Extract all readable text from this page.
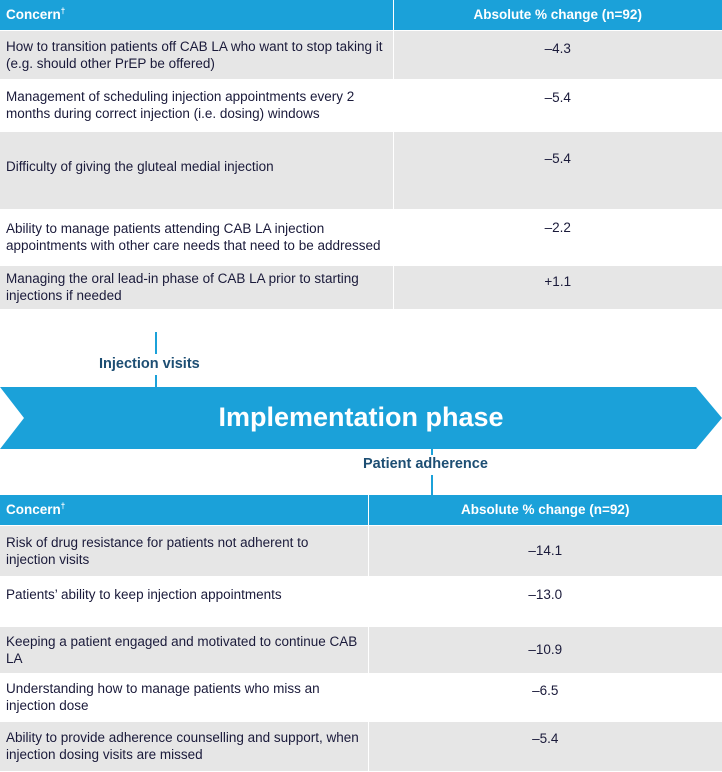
Concern†	Absolute % change (n=92)
How to transition patients off CAB LA who want to stop taking it (e.g. should other PrEP be offered)	–4.3
Management of scheduling injection appointments every 2 months during correct injection (i.e. dosing) windows	–5.4
Difficulty of giving the gluteal medial injection	–5.4
Ability to manage patients attending CAB LA injection appointments with other care needs that need to be addressed	–2.2
Managing the oral lead-in phase of CAB LA prior to starting injections if needed	+1.1
Injection visits
Implementation phase
Patient adherence
Concern†	Absolute % change (n=92)
Risk of drug resistance for patients not adherent to injection visits	–14.1
Patients’ ability to keep injection appointments	–13.0
Keeping a patient engaged and motivated to continue CAB LA	–10.9
Understanding how to manage patients who miss an injection dose	–6.5
Ability to provide adherence counselling and support, when injection dosing visits are missed	–5.4
